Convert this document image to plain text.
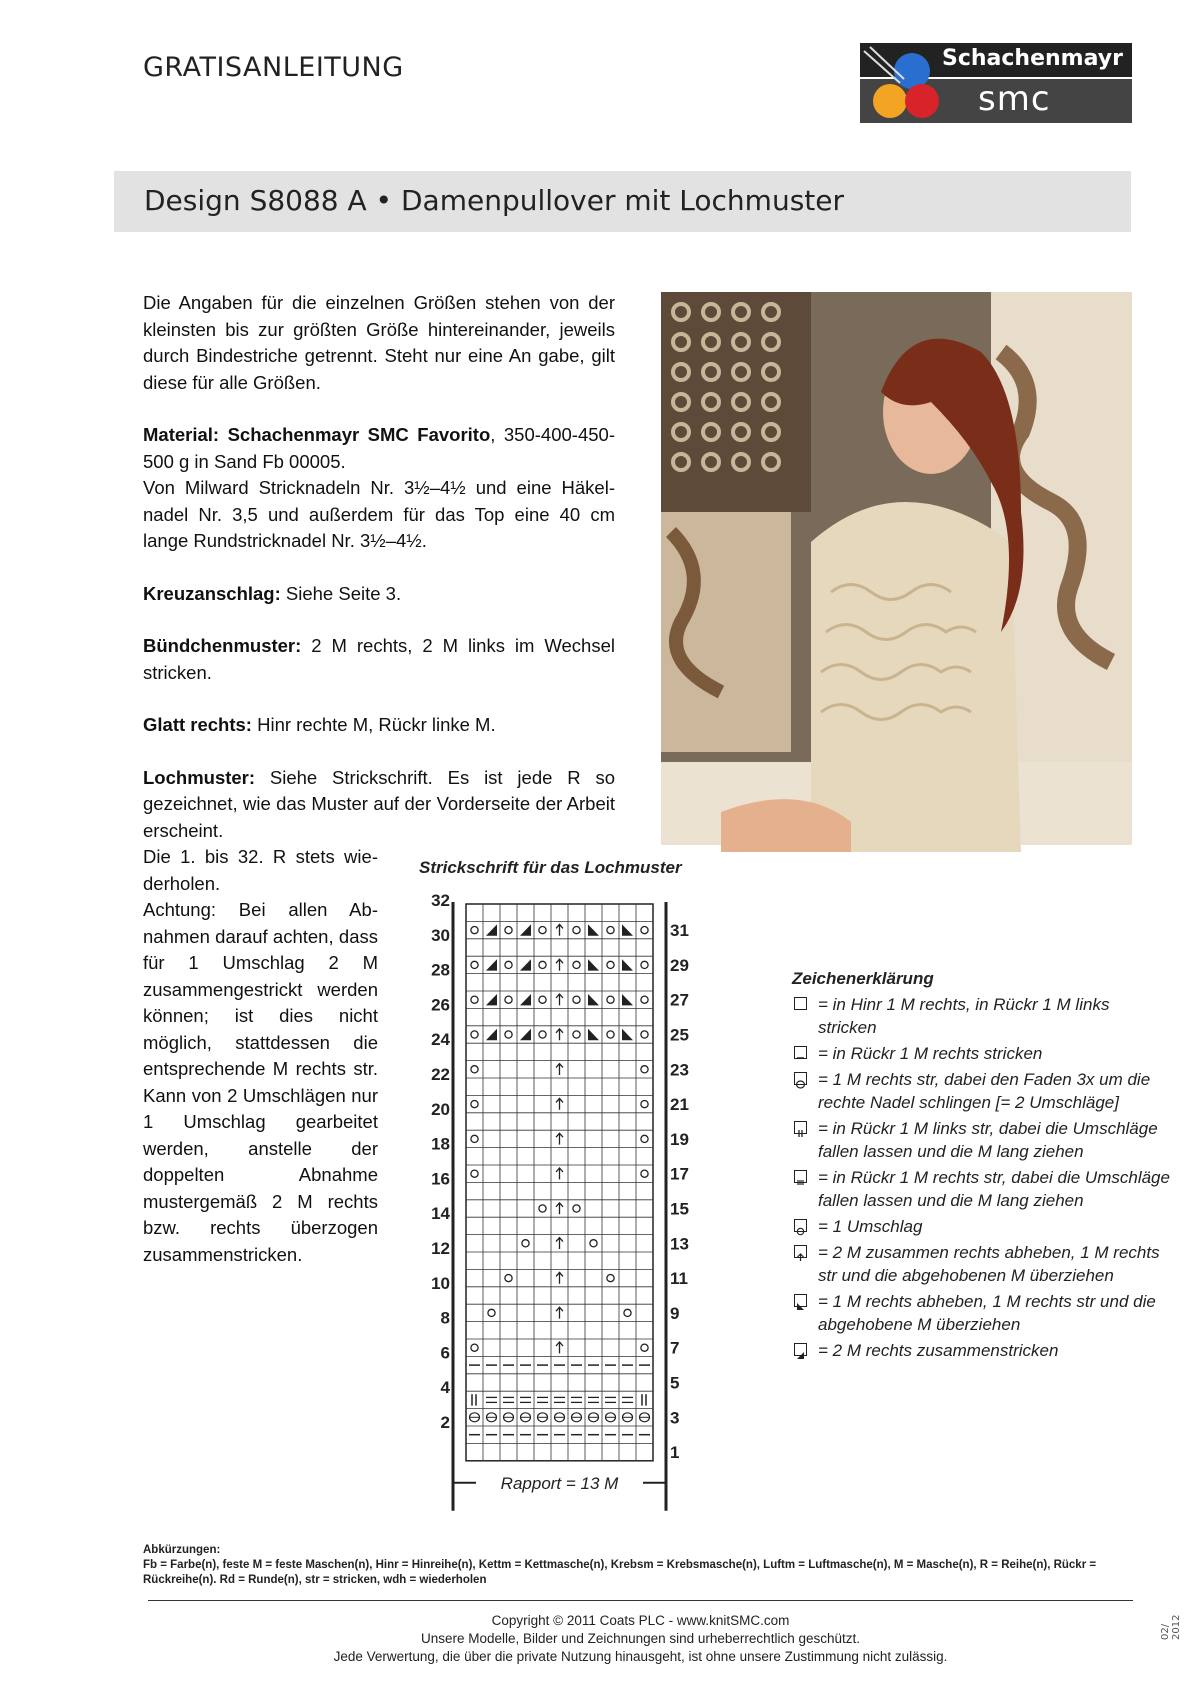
GRATISANLEITUNG	Schachenmayr
smc
Design S8088 A • Damenpullover mit Lochmuster

Die Angaben für die einzelnen Größen stehen von der kleinsten bis zur größten Größe hintereinander, jeweils durch Bindestriche getrennt. Steht nur eine An gabe, gilt diese für alle Größen.

Material: Schachenmayr SMC Favorito, 350-400-450-500 g in Sand Fb 00005.
Von Milward Stricknadeln Nr. 3½–4½ und eine Häkelnadel Nr. 3,5 und außerdem für das Top eine 40 cm lange Rundstricknadel Nr. 3½–4½.

Kreuzanschlag: Siehe Seite 3.

Bündchenmuster: 2 M rechts, 2 M links im Wechsel stricken.

Glatt rechts: Hinr rechte M, Rückr linke M.

Lochmuster: Siehe Strickschrift. Es ist jede R so gezeichnet, wie das Muster auf der Vorderseite der Arbeit erscheint.

Die 1. bis 32. R stets wiederholen.
Achtung: Bei allen Abnahmen darauf achten, dass für 1 Umschlag 2 M zusammengestrickt werden können; ist dies nicht möglich, stattdessen die entsprechende M rechts str. Kann von 2 Umschlägen nur 1 Umschlag gearbeitet werden, anstelle der doppelten Abnahme mustergemäß 2 M rechts bzw. rechts überzogen zusammenstricken.
Strickschrift für das Lochmuster
Rapport = 13 M
32
30
28
26
24
22
20
18
16
14
12
10
8
6
4
2
31
29
27
25
23
21
19
17
15
13
11
9
7
5
3
1
Zeichenerklärung
= in Hinr 1 M rechts, in Rückr 1 M links stricken
= in Rückr 1 M rechts stricken
= 1 M rechts str, dabei den Faden 3x um die rechte Nadel schlingen [= 2 Umschläge]
= in Rückr 1 M links str, dabei die Umschläge fallen lassen und die M lang ziehen
= in Rückr 1 M rechts str, dabei die Umschläge fallen lassen und die M lang ziehen
= 1 Umschlag
= 2 M zusammen rechts abheben, 1 M rechts str und die abgehobenen M überziehen
= 1 M rechts abheben, 1 M rechts str und die abgehobene M überziehen
= 2 M rechts zusammenstricken
Abkürzungen:
Fb = Farbe(n), feste M = feste Maschen(n), Hinr = Hinreihe(n), Kettm = Kettmasche(n), Krebsm = Krebsmasche(n), Luftm = Luftmasche(n), M = Masche(n), R = Reihe(n), Rückr = Rückreihe(n). Rd = Runde(n), str = stricken, wdh = wiederholen
Copyright © 2011 Coats PLC - www.knitSMC.com
Unsere Modelle, Bilder und Zeichnungen sind urheberrechtlich geschützt.
Jede Verwertung, die über die private Nutzung hinausgeht, ist ohne unsere Zustimmung nicht zulässig.
02/ 2012
